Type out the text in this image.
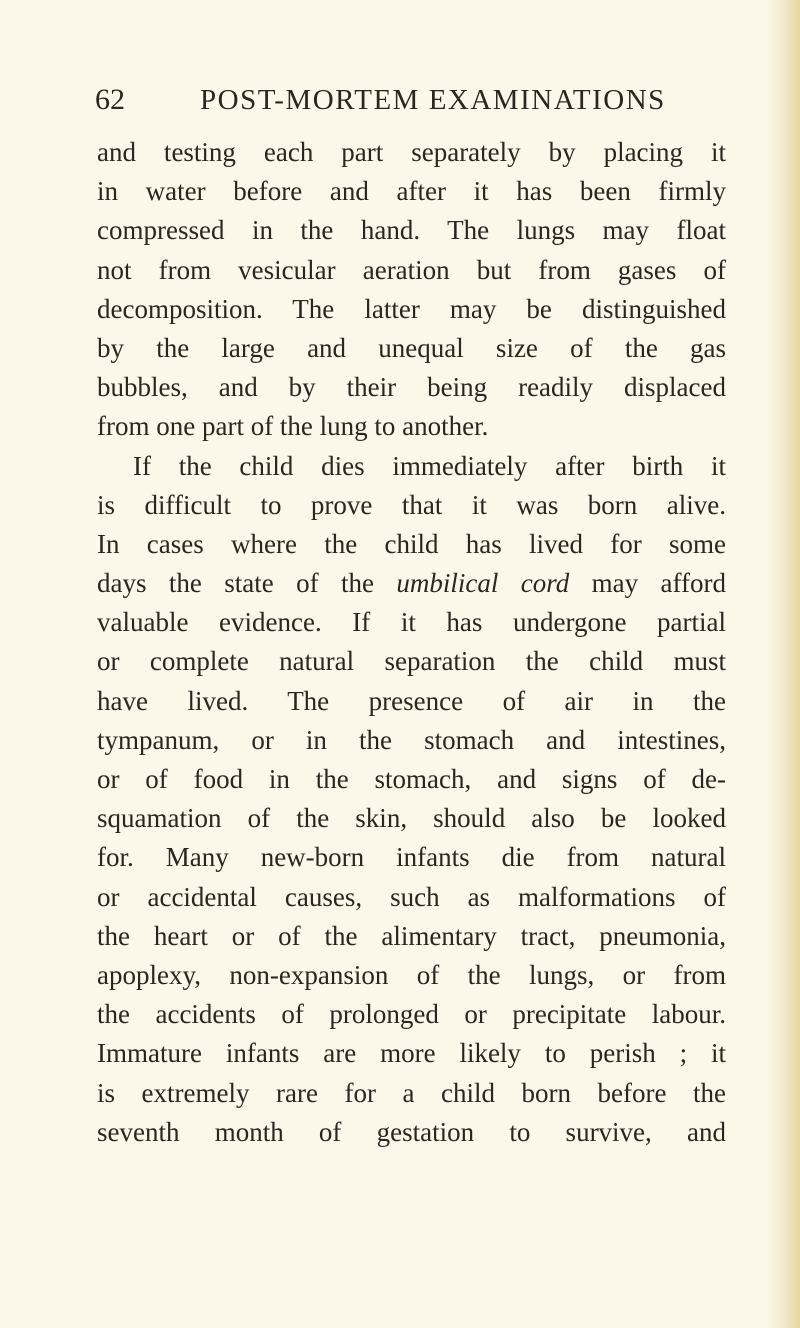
62	POST-MORTEM EXAMINATIONS
and testing each part separately by placing it
in water before and after it has been firmly
compressed in the hand. The lungs may float
not from vesicular aeration but from gases of
decomposition. The latter may be distinguished
by the large and unequal size of the gas
bubbles, and by their being readily displaced
from one part of the lung to another.
If the child dies immediately after birth it
is difficult to prove that it was born alive.
In cases where the child has lived for some
days the state of the umbilical cord may afford
valuable evidence. If it has undergone partial
or complete natural separation the child must
have lived. The presence of air in the
tympanum, or in the stomach and intestines,
or of food in the stomach, and signs of de-
squamation of the skin, should also be looked
for. Many new-born infants die from natural
or accidental causes, such as malformations of
the heart or of the alimentary tract, pneumonia,
apoplexy, non-expansion of the lungs, or from
the accidents of prolonged or precipitate labour.
Immature infants are more likely to perish ; it
is extremely rare for a child born before the
seventh month of gestation to survive, and
